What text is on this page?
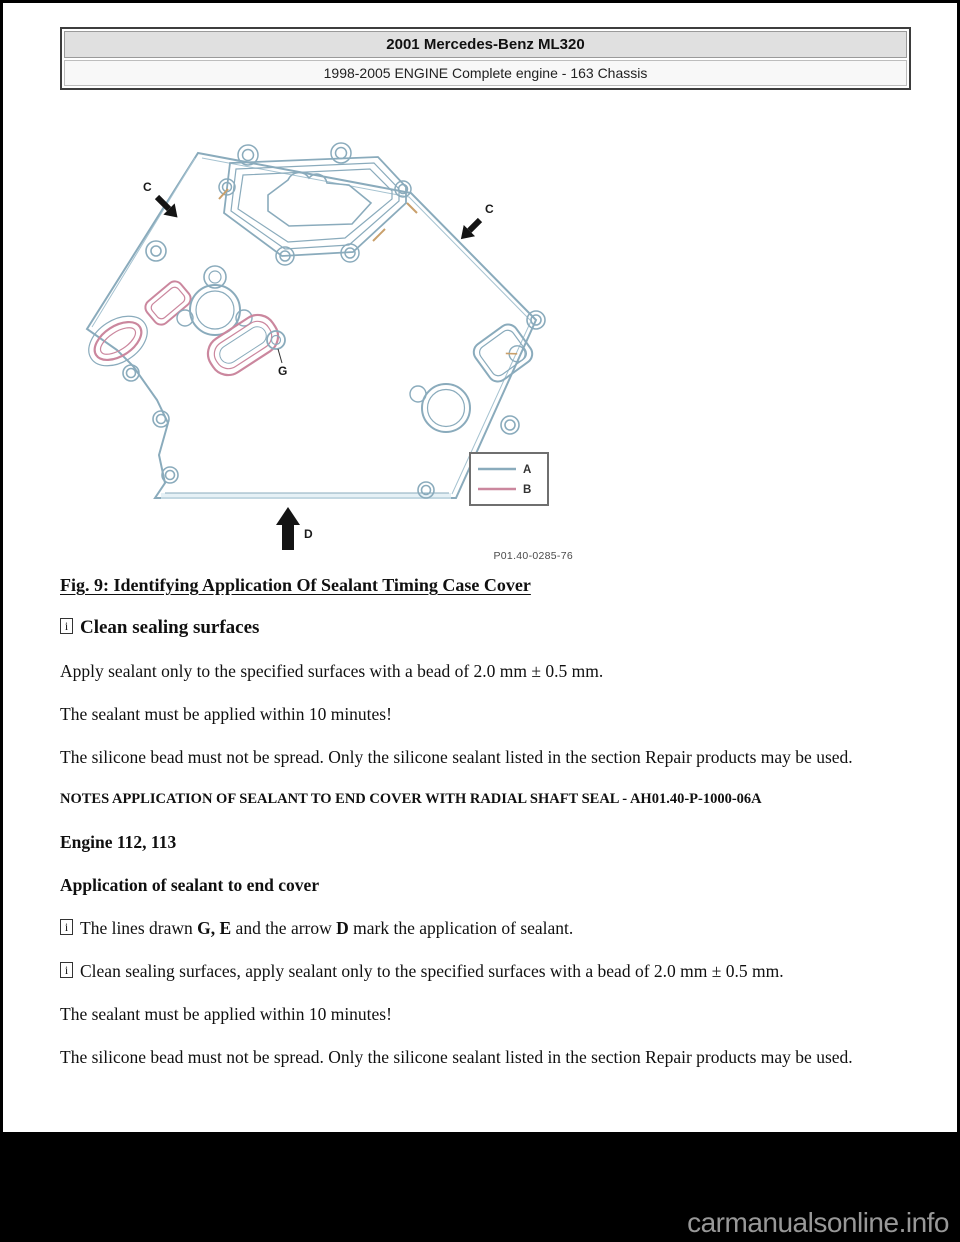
2001 Mercedes-Benz ML320
1998-2005 ENGINE Complete engine - 163 Chassis
G
C
C
D
A
B
P01.40-0285-76
Fig. 9: Identifying Application Of Sealant Timing Case Cover
i Clean sealing surfaces

Apply sealant only to the specified surfaces with a bead of 2.0 mm ± 0.5 mm.

The sealant must be applied within 10 minutes!

The silicone bead must not be spread. Only the silicone sealant listed in the section Repair products may be used.

NOTES APPLICATION OF SEALANT TO END COVER WITH RADIAL SHAFT SEAL - AH01.40-P-1000-06A

Engine 112, 113

Application of sealant to end cover

i The lines drawn G, E and the arrow D mark the application of sealant.

i Clean sealing surfaces, apply sealant only to the specified surfaces with a bead of 2.0 mm ± 0.5 mm.

The sealant must be applied within 10 minutes!

The silicone bead must not be spread. Only the silicone sealant listed in the section Repair products may be used.

carmanualsonline.info
